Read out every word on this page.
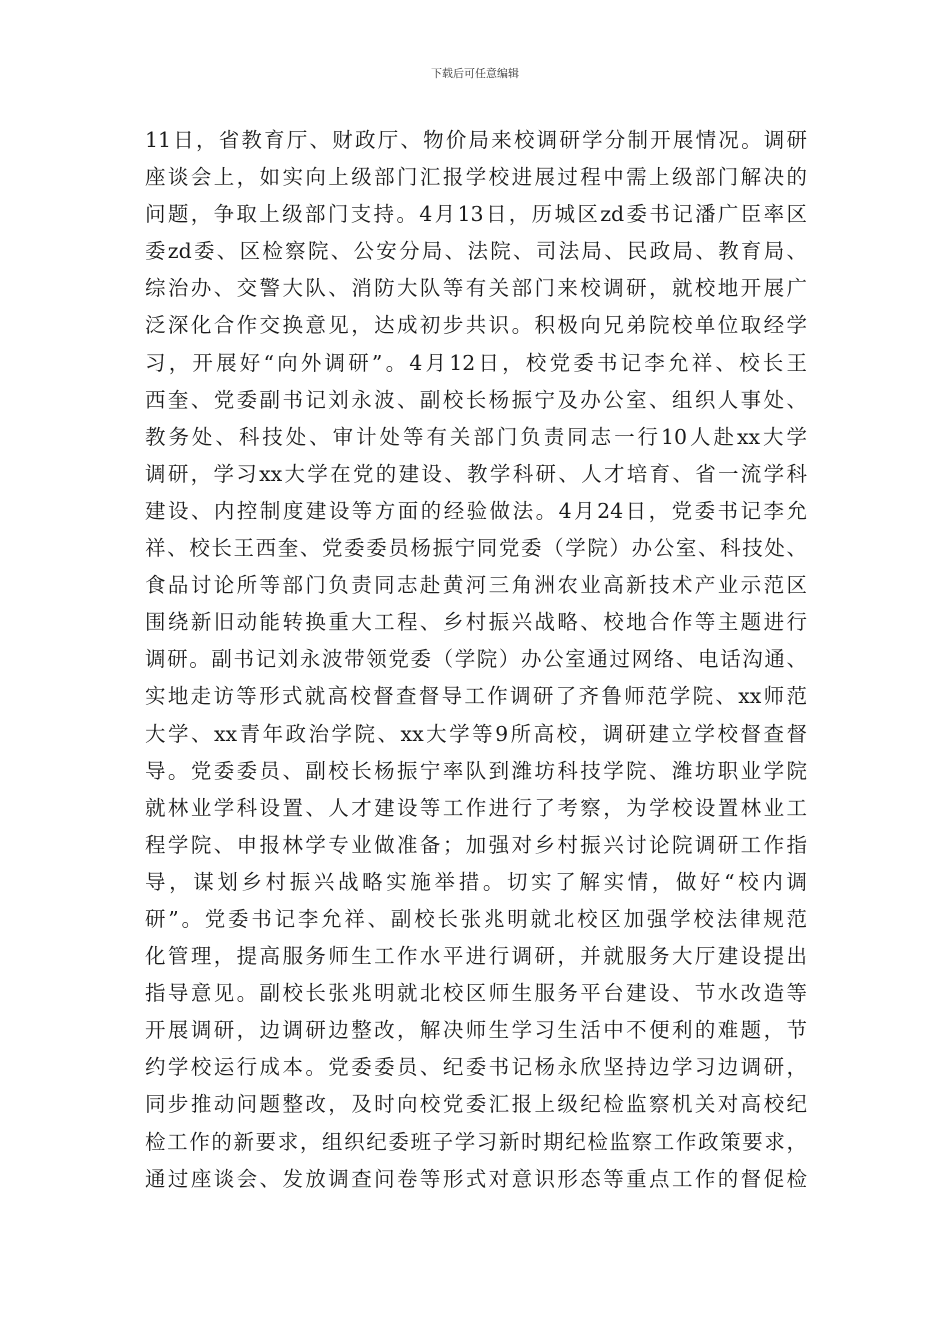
下载后可任意编辑
11日，省教育厅、财政厅、物价局来校调研学分制开展情况。调研
座谈会上，如实向上级部门汇报学校进展过程中需上级部门解决的
问题，争取上级部门支持。4月13日，历城区zd委书记潘广臣率区
委zd委、区检察院、公安分局、法院、司法局、民政局、教育局、
综治办、交警大队、消防大队等有关部门来校调研，就校地开展广
泛深化合作交换意见，达成初步共识。积极向兄弟院校单位取经学
习，开展好“向外调研”。4月12日，校党委书记李允祥、校长王
西奎、党委副书记刘永波、副校长杨振宁及办公室、组织人事处、
教务处、科技处、审计处等有关部门负责同志一行10人赴xx大学
调研，学习xx大学在党的建设、教学科研、人才培育、省一流学科
建设、内控制度建设等方面的经验做法。4月24日，党委书记李允
祥、校长王西奎、党委委员杨振宁同党委（学院）办公室、科技处、
食品讨论所等部门负责同志赴黄河三角洲农业高新技术产业示范区
围绕新旧动能转换重大工程、乡村振兴战略、校地合作等主题进行
调研。副书记刘永波带领党委（学院）办公室通过网络、电话沟通、
实地走访等形式就高校督查督导工作调研了齐鲁师范学院、xx师范
大学、xx青年政治学院、xx大学等9所高校，调研建立学校督查督
导。党委委员、副校长杨振宁率队到潍坊科技学院、潍坊职业学院
就林业学科设置、人才建设等工作进行了考察，为学校设置林业工
程学院、申报林学专业做准备；加强对乡村振兴讨论院调研工作指
导，谋划乡村振兴战略实施举措。切实了解实情，做好“校内调
研”。党委书记李允祥、副校长张兆明就北校区加强学校法律规范
化管理，提高服务师生工作水平进行调研，并就服务大厅建设提出
指导意见。副校长张兆明就北校区师生服务平台建设、节水改造等
开展调研，边调研边整改，解决师生学习生活中不便利的难题，节
约学校运行成本。党委委员、纪委书记杨永欣坚持边学习边调研，
同步推动问题整改，及时向校党委汇报上级纪检监察机关对高校纪
检工作的新要求，组织纪委班子学习新时期纪检监察工作政策要求，
通过座谈会、发放调查问卷等形式对意识形态等重点工作的督促检
